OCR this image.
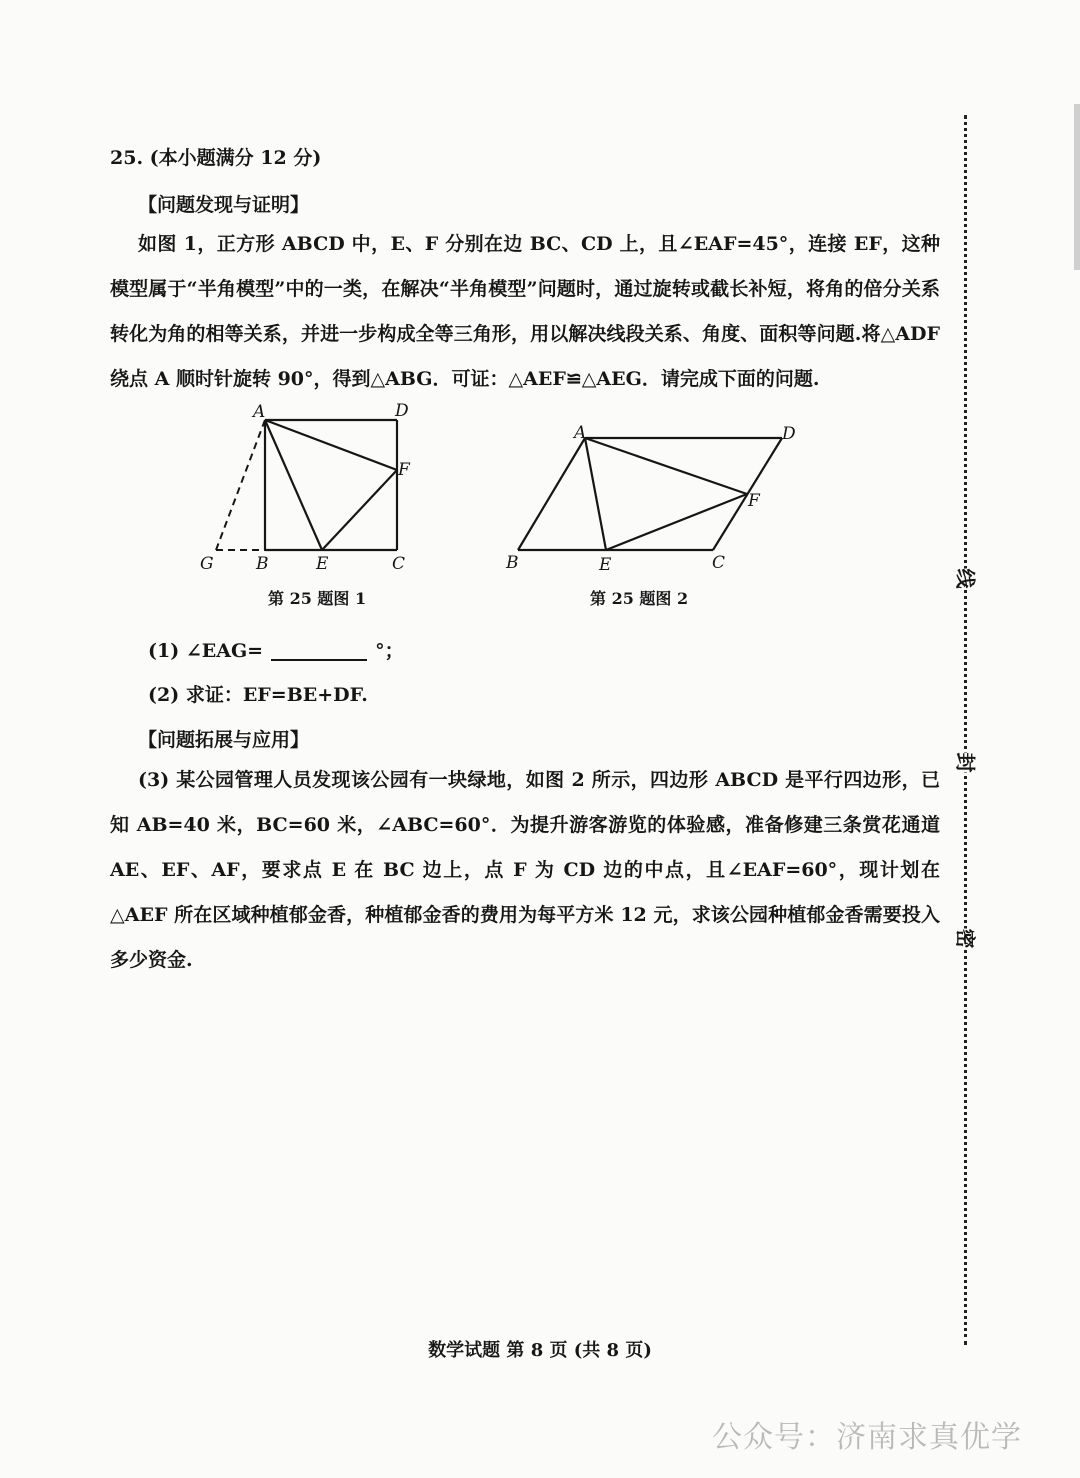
25. (本小题满分 12 分)
【问题发现与证明】

如图 1，正方形 ABCD 中，E、F 分别在边 BC、CD 上，且∠EAF=45°，连接 EF，这种模型属于“半角模型”中的一类，在解决“半角模型”问题时，通过旋转或截长补短，将角的倍分关系转化为角的相等关系，并进一步构成全等三角形，用以解决线段关系、角度、面积等问题.将△ADF 绕点 A 顺时针旋转 90°，得到△ABG．可证：△AEF≌△AEG．请完成下面的问题.

A	D
F
C
E
B
G
A	D
F
C
E
B
第 25 题图 1	第 25 题图 2
(1) ∠EAG=	°；
(2) 求证：EF=BE+DF.
【问题拓展与应用】

(3) 某公园管理人员发现该公园有一块绿地，如图 2 所示，四边形 ABCD 是平行四边形，已知 AB=40 米，BC=60 米，∠ABC=60°．为提升游客游览的体验感，准备修建三条赏花通道 AE、EF、AF，要求点 E 在 BC 边上，点 F 为 CD 边的中点，且∠EAF=60°，现计划在△AEF 所在区域种植郁金香，种植郁金香的费用为每平方米 12 元，求该公园种植郁金香需要投入多少资金.

数学试题 第 8 页 (共 8 页)
线
封
密
公众号：济南求真优学
